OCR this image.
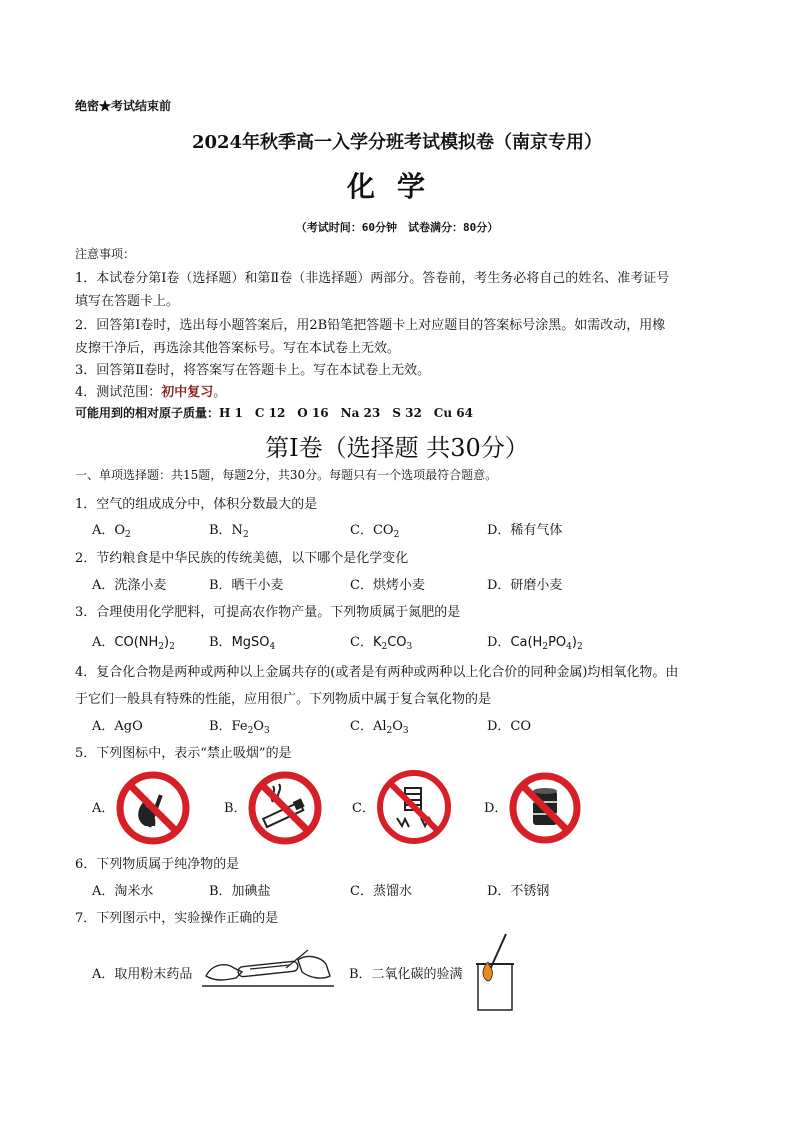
绝密★考试结束前
2024年秋季高一入学分班考试模拟卷（南京专用）
化学
（考试时间：60分钟　试卷满分：80分）
注意事项：
1．本试卷分第Ⅰ卷（选择题）和第Ⅱ卷（非选择题）两部分。答卷前，考生务必将自己的姓名、准考证号
填写在答题卡上。
2．回答第Ⅰ卷时，选出每小题答案后，用2B铅笔把答题卡上对应题目的答案标号涂黑。如需改动，用橡
皮擦干净后，再选涂其他答案标号。写在本试卷上无效。
3．回答第Ⅱ卷时，将答案写在答题卡上。写在本试卷上无效。
4．测试范围：初中复习。
可能用到的相对原子质量：H 1　C 12　O 16　Na 23　S 32　Cu 64
第Ⅰ卷（选择题 共30分）
一、单项选择题：共15题，每题2分，共30分。每题只有一个选项最符合题意。
1．空气的组成成分中，体积分数最大的是
A．$O_2$	B．$N_2$	C．$CO_2$	D．稀有气体
2．节约粮食是中华民族的传统美德，以下哪个是化学变化
A．洗涤小麦	B．晒干小麦	C．烘烤小麦	D．研磨小麦
3．合理使用化学肥料，可提高农作物产量。下列物质属于氮肥的是
A．$CO(NH_2)_2$	B．MgSO$_4$	C．$K_2CO_3$	D．$Ca(H_2PO_4)_2$
4．复合化合物是两种或两种以上金属共存的(或者是有两种或两种以上化合价的同种金属)均相氧化物。由
于它们一般具有特殊的性能，应用很广。下列物质中属于复合氧化物的是
A．AgO	B．$Fe_2O_3$	C．$Al_2O_3$	D．CO
5．下列图标中，表示“禁止吸烟”的是
A．	B．	C．	D．
6．下列物质属于纯净物的是
A．淘米水	B．加碘盐	C．蒸馏水	D．不锈钢
7．下列图示中，实验操作正确的是
A．取用粉末药品	B．二氧化碳的验满
